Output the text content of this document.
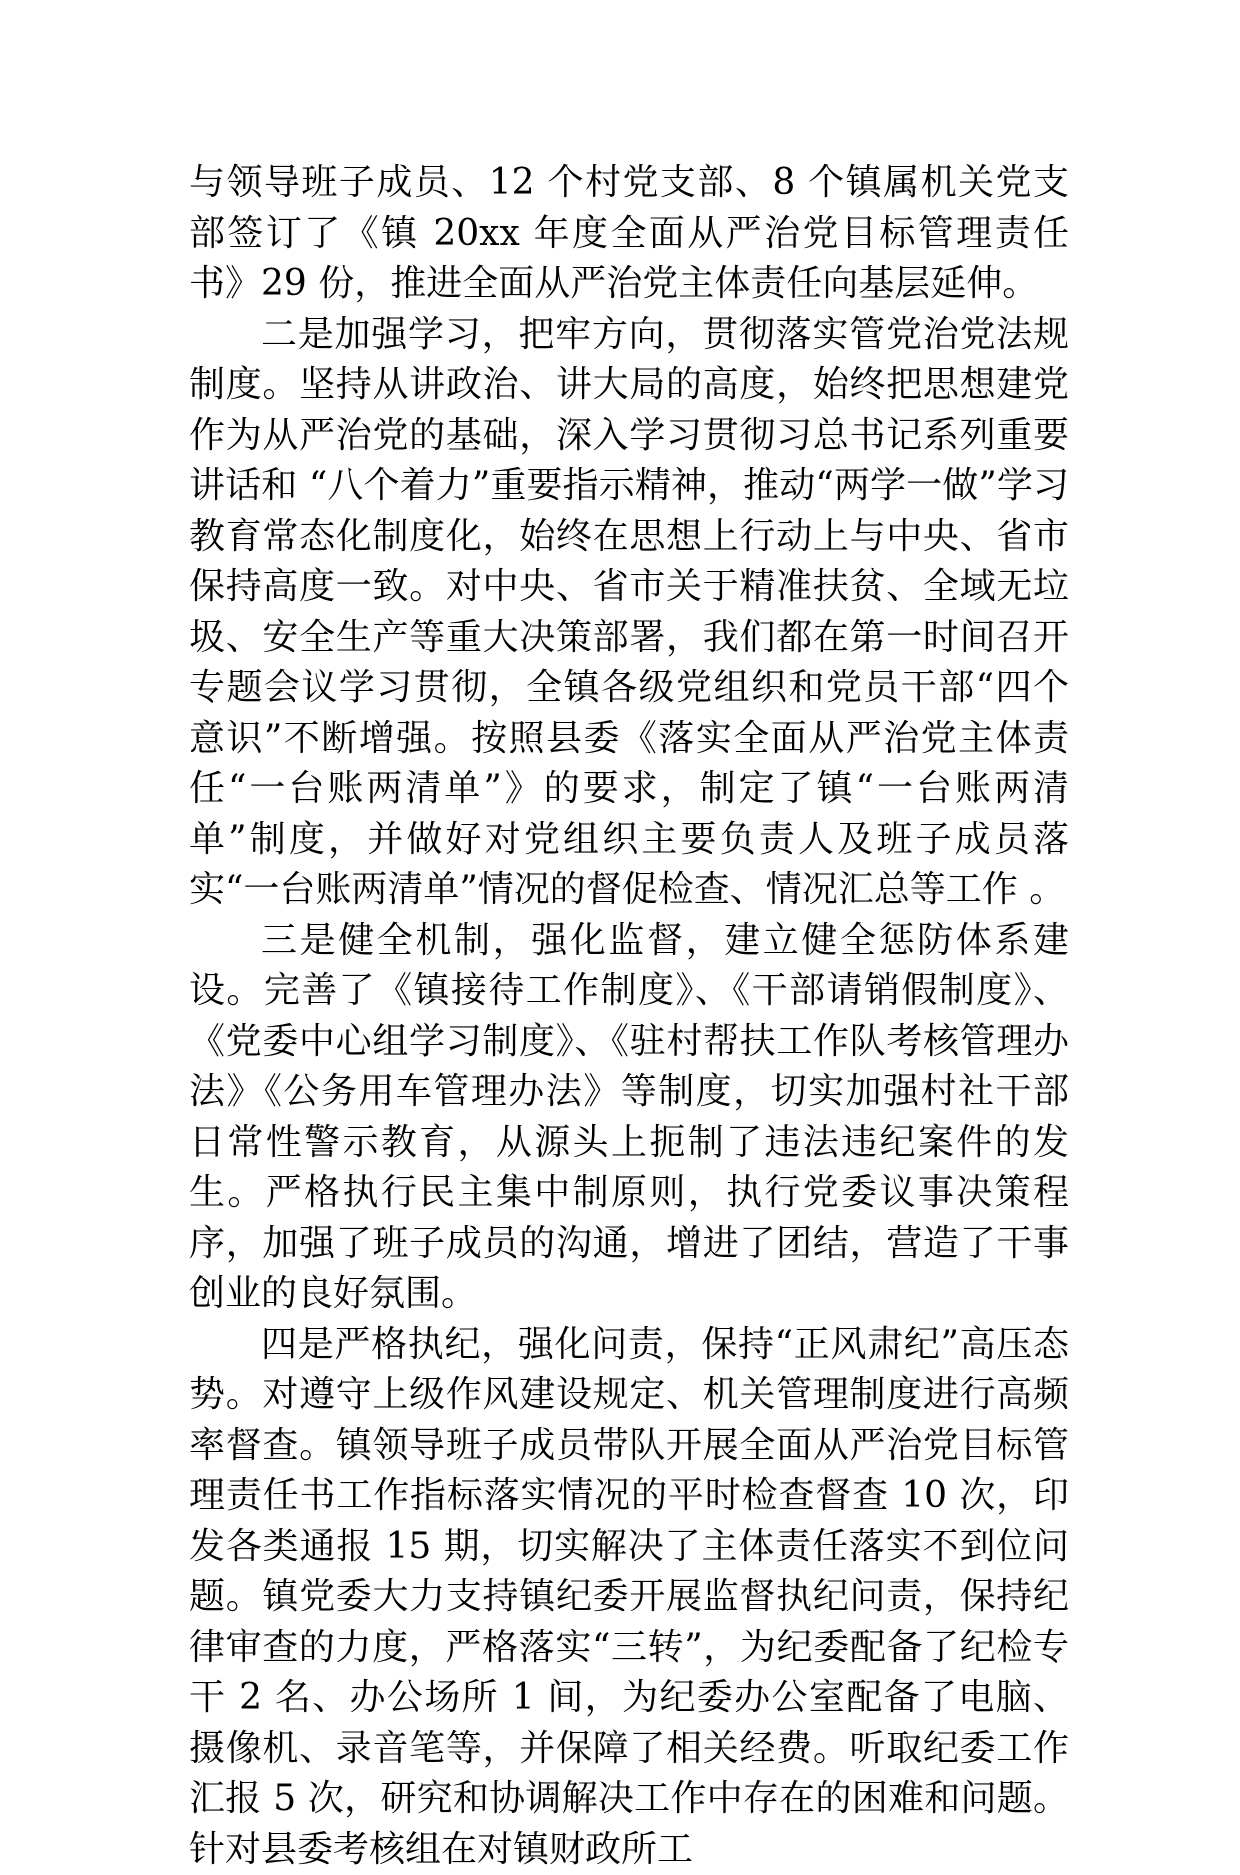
与领导班子成员、12 个村党支部、8 个镇属机关党支部签订了《镇 20xx 年度全面从严治党目标管理责任书》29 份，推进全面从严治党主体责任向基层延伸。

二是加强学习，把牢方向，贯彻落实管党治党法规制度。坚持从讲政治、讲大局的高度，始终把思想建党作为从严治党的基础，深入学习贯彻习总书记系列重要讲话和 “八个着力”重要指示精神，推动“两学一做”学习教育常态化制度化，始终在思想上行动上与中央、省市保持高度一致。对中央、省市关于精准扶贫、全域无垃圾、安全生产等重大决策部署，我们都在第一时间召开专题会议学习贯彻，全镇各级党组织和党员干部“四个意识”不断增强。按照县委《落实全面从严治党主体责任“一台账两清单”》的要求，制定了镇“一台账两清单”制度，并做好对党组织主要负责人及班子成员落实“一台账两清单”情况的督促检查、情况汇总等工作 。

三是健全机制，强化监督，建立健全惩防体系建设。完善了《镇接待工作制度》、《干部请销假制度》、《党委中心组学习制度》、《驻村帮扶工作队考核管理办法》《公务用车管理办法》等制度，切实加强村社干部日常性警示教育，从源头上扼制了违法违纪案件的发生。严格执行民主集中制原则，执行党委议事决策程序，加强了班子成员的沟通，增进了团结，营造了干事创业的良好氛围。

四是严格执纪，强化问责，保持“正风肃纪”高压态势。对遵守上级作风建设规定、机关管理制度进行高频率督查。镇领导班子成员带队开展全面从严治党目标管理责任书工作指标落实情况的平时检查督查 10 次，印发各类通报 15 期，切实解决了主体责任落实不到位问题。镇党委大力支持镇纪委开展监督执纪问责，保持纪律审查的力度，严格落实“三转”，为纪委配备了纪检专干 2 名、办公场所 1 间，为纪委办公室配备了电脑、摄像机、录音笔等，并保障了相关经费。听取纪委工作汇报 5 次，研究和协调解决工作中存在的困难和问题。针对县委考核组在对镇财政所工
